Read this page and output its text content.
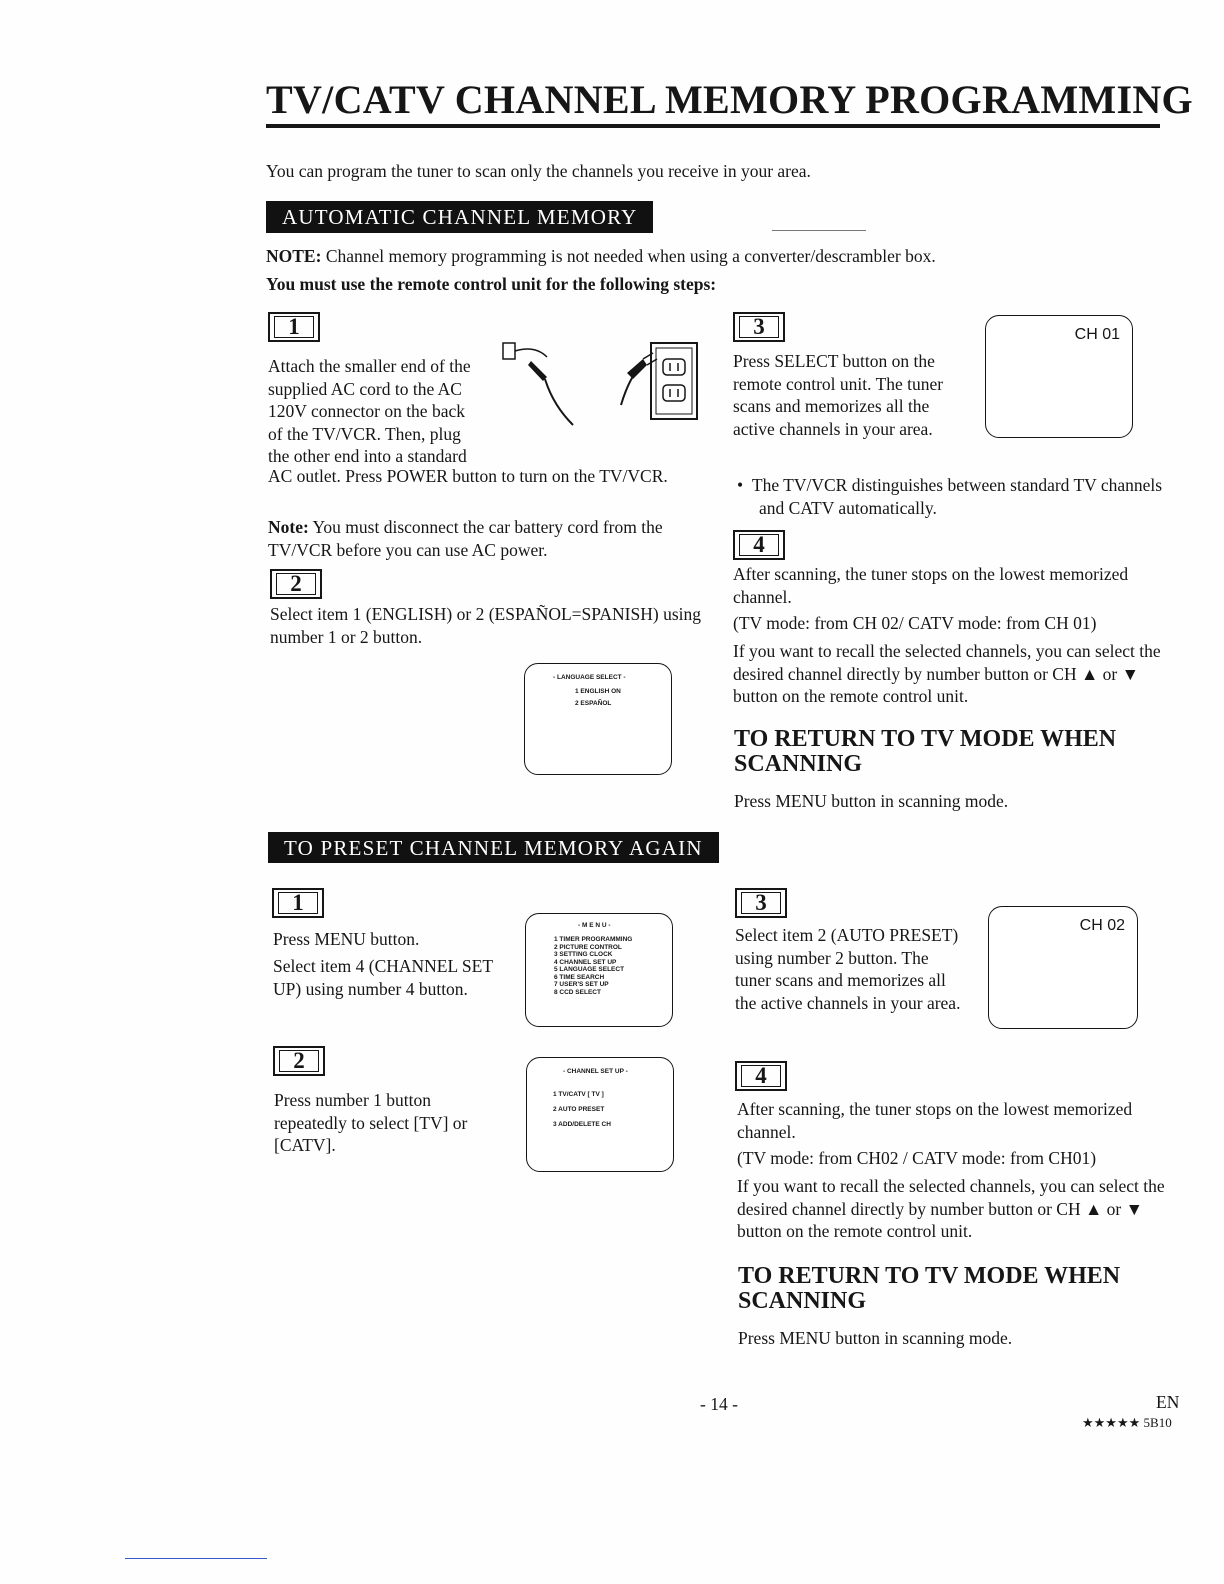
TV/CATV CHANNEL MEMORY PROGRAMMING

You can program the tuner to scan only the channels you receive in your area.

AUTOMATIC CHANNEL MEMORY

NOTE: Channel memory programming is not needed when using a converter/descrambler box.

You must use the remote control unit for the following steps:

1
Attach the smaller end of the
supplied AC cord to the AC
120V connector on the back
of the TV/VCR. Then, plug
the other end into a standard

AC outlet. Press POWER button to turn on the TV/VCR.

Note: You must disconnect the car battery cord from the TV/VCR before you can use AC power.

2

Select item 1 (ENGLISH) or 2 (ESPAÑOL=SPANISH) using number 1 or 2 button.

- LANGUAGE SELECT -
1 ENGLISH ON
2 ESPAÑOL
3

Press SELECT button on the remote control unit. The tuner scans and memorizes all the active channels in your area.

CH 01
•  The TV/VCR distinguishes between standard TV channels and CATV automatically.
4

After scanning, the tuner stops on the lowest memorized channel.

(TV mode: from CH 02/ CATV mode: from CH 01)

If you want to recall the selected channels, you can select the desired channel directly by number button or CH ▲ or ▼ button on the remote control unit.

TO RETURN TO TV MODE WHEN SCANNING

Press MENU button in scanning mode.

TO PRESET CHANNEL MEMORY AGAIN
1

Press MENU button.

Select item 4 (CHANNEL SET UP) using number 4 button.

- M E N U -
1 TIMER PROGRAMMING
2 PICTURE CONTROL
3 SETTING CLOCK
4 CHANNEL SET UP
5 LANGUAGE SELECT
6 TIME SEARCH
7 USER'S SET UP
8 CCD SELECT
2

Press number 1 button repeatedly to select [TV] or [CATV].

- CHANNEL SET UP -
1 TV/CATV [ TV ]
2 AUTO PRESET
3 ADD/DELETE CH
3

Select item 2 (AUTO PRESET) using number 2 button. The tuner scans and memorizes all the active channels in your area.

CH 02
4

After scanning, the tuner stops on the lowest memorized channel.

(TV mode: from CH02 / CATV mode: from CH01)

If you want to recall the selected channels, you can select the desired channel directly by number button or CH ▲ or ▼ button on the remote control unit.

TO RETURN TO TV MODE WHEN SCANNING

Press MENU button in scanning mode.

- 14 -	EN
★★★★★ 5B10
